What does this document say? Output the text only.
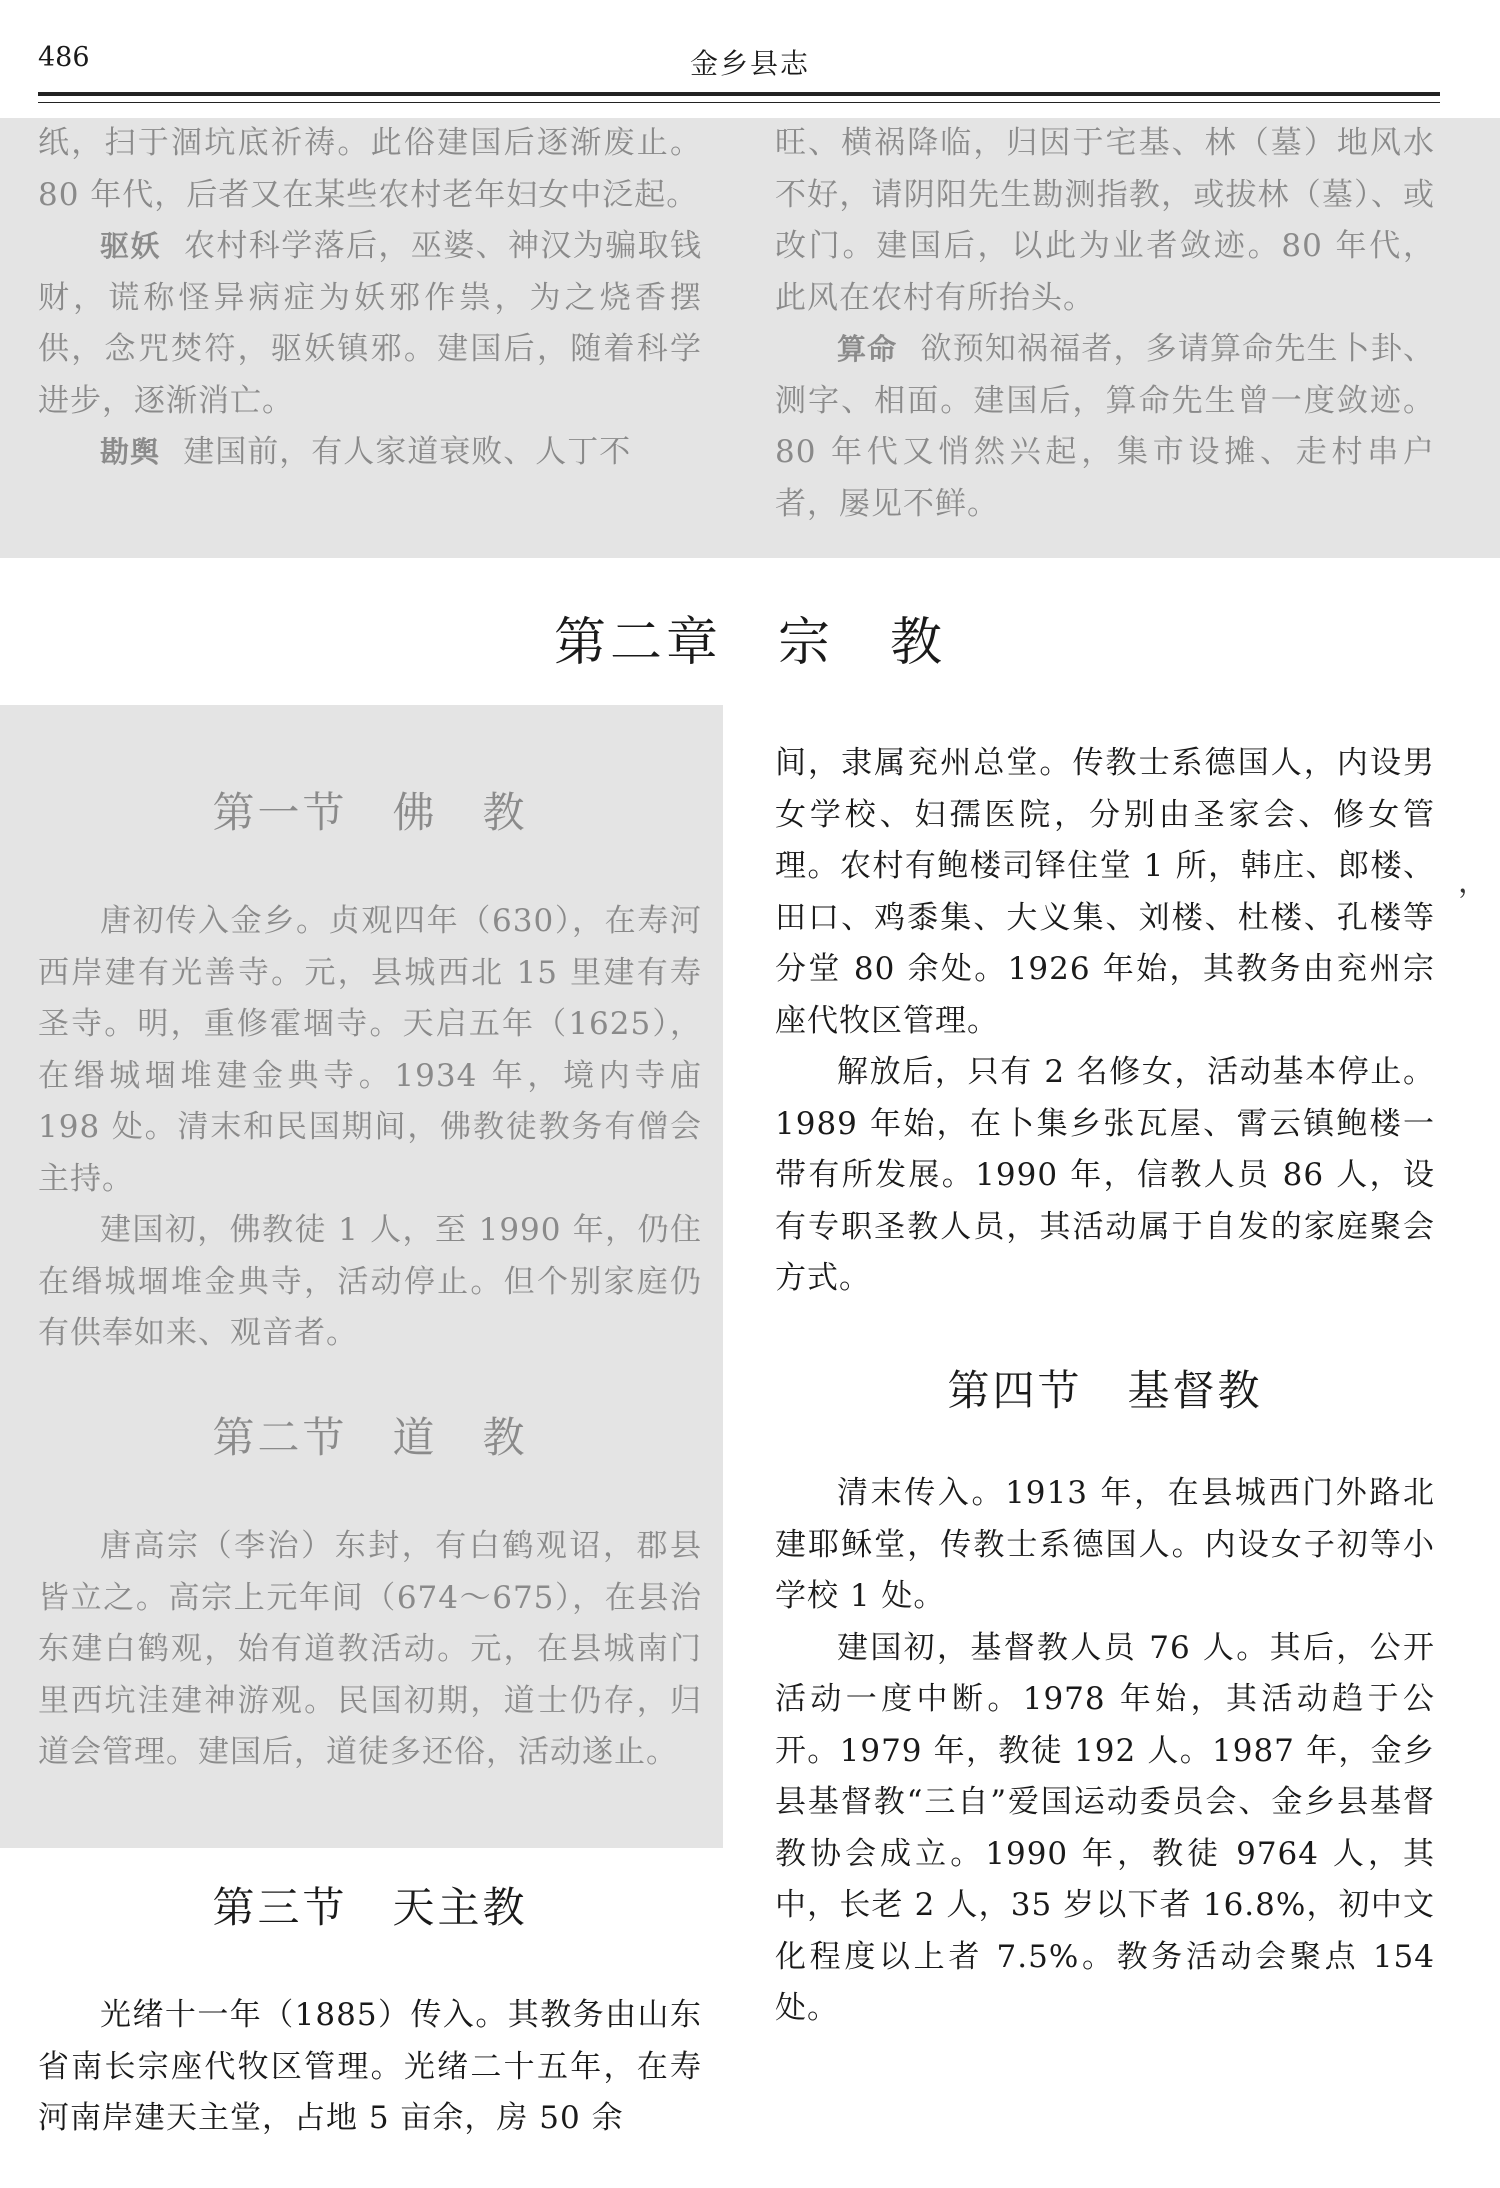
486	金乡县志

纸，扫于涸坑底祈祷。此俗建国后逐渐废止。80 年代，后者又在某些农村老年妇女中泛起。

驱妖 农村科学落后，巫婆、神汉为骗取钱财，谎称怪异病症为妖邪作祟，为之烧香摆供，念咒焚符，驱妖镇邪。建国后，随着科学进步，逐渐消亡。

勘舆 建国前，有人家道衰败、人丁不

旺、横祸降临，归因于宅基、林（墓）地风水不好，请阴阳先生勘测指教，或拔林（墓）、或改门。建国后，以此为业者敛迹。80 年代，此风在农村有所抬头。

算命 欲预知祸福者，多请算命先生卜卦、测字、相面。建国后，算命先生曾一度敛迹。80 年代又悄然兴起，集市设摊、走村串户者，屡见不鲜。

第二章　宗　教
第一节　佛　教

唐初传入金乡。贞观四年（630），在寿河西岸建有光善寺。元，县城西北 15 里建有寿圣寺。明，重修霍堌寺。天启五年（1625），在缗城堌堆建金典寺。1934 年，境内寺庙 198 处。清末和民国期间，佛教徒教务有僧会主持。

建国初，佛教徒 1 人，至 1990 年，仍住在缗城堌堆金典寺，活动停止。但个别家庭仍有供奉如来、观音者。

第二节　道　教

唐高宗（李治）东封，有白鹤观诏，郡县皆立之。高宗上元年间（674～675），在县治东建白鹤观，始有道教活动。元，在县城南门里西坑洼建神游观。民国初期，道士仍存，归道会管理。建国后，道徒多还俗，活动遂止。

第三节　天主教

光绪十一年（1885）传入。其教务由山东省南长宗座代牧区管理。光绪二十五年，在寿河南岸建天主堂，占地 5 亩余，房 50 余

间，隶属兖州总堂。传教士系德国人，内设男女学校、妇孺医院，分别由圣家会、修女管理。农村有鲍楼司铎住堂 1 所，韩庄、郎楼、田口、鸡黍集、大义集、刘楼、杜楼、孔楼等分堂 80 余处。1926 年始，其教务由兖州宗座代牧区管理。

解放后，只有 2 名修女，活动基本停止。1989 年始，在卜集乡张瓦屋、霄云镇鲍楼一带有所发展。1990 年，信教人员 86 人，设有专职圣教人员，其活动属于自发的家庭聚会方式。

，
第四节　基督教

清末传入。1913 年，在县城西门外路北建耶稣堂，传教士系德国人。内设女子初等小学校 1 处。

建国初，基督教人员 76 人。其后，公开活动一度中断。1978 年始，其活动趋于公开。1979 年，教徒 192 人。1987 年，金乡县基督教“三自”爱国运动委员会、金乡县基督教协会成立。1990 年，教徒 9764 人，其中，长老 2 人，35 岁以下者 16.8%，初中文化程度以上者 7.5%。教务活动会聚点 154 处。
